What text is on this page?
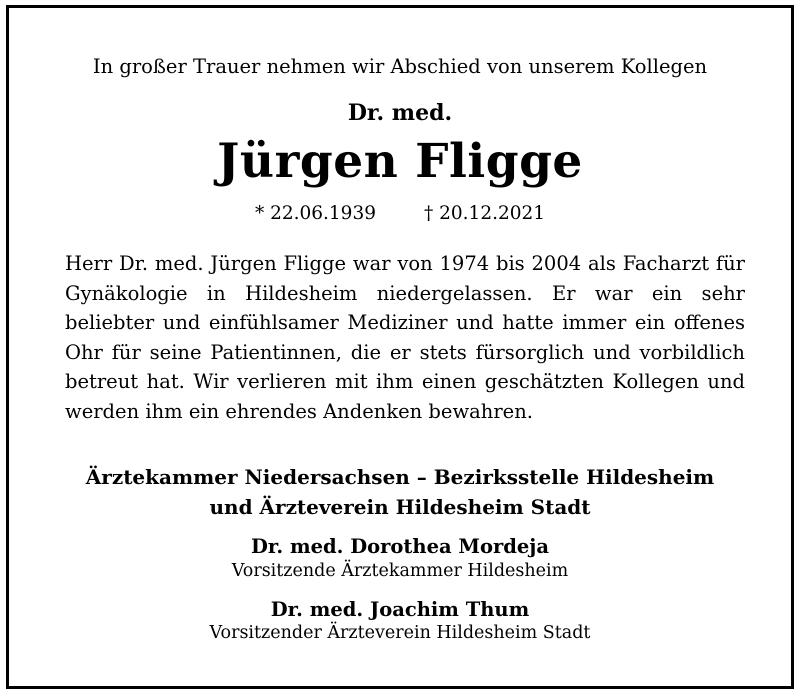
In großer Trauer nehmen wir Abschied von unserem Kollegen
Dr. med.
Jürgen Fligge
* 22.06.1939	† 20.12.2021
Herr Dr. med. Jürgen Fligge war von 1974 bis 2004 als Facharzt für Gynäkologie in Hildesheim niedergelassen. Er war ein sehr beliebter und einfühlsamer Mediziner und hatte immer ein offenes Ohr für seine Patientinnen, die er stets fürsorglich und vorbildlich betreut hat. Wir verlieren mit ihm einen geschätzten Kollegen und werden ihm ein ehrendes Andenken bewahren.
Ärztekammer Niedersachsen – Bezirksstelle Hildesheim
und Ärzteverein Hildesheim Stadt
Dr. med. Dorothea Mordeja
Vorsitzende Ärztekammer Hildesheim
Dr. med. Joachim Thum
Vorsitzender Ärzteverein Hildesheim Stadt
